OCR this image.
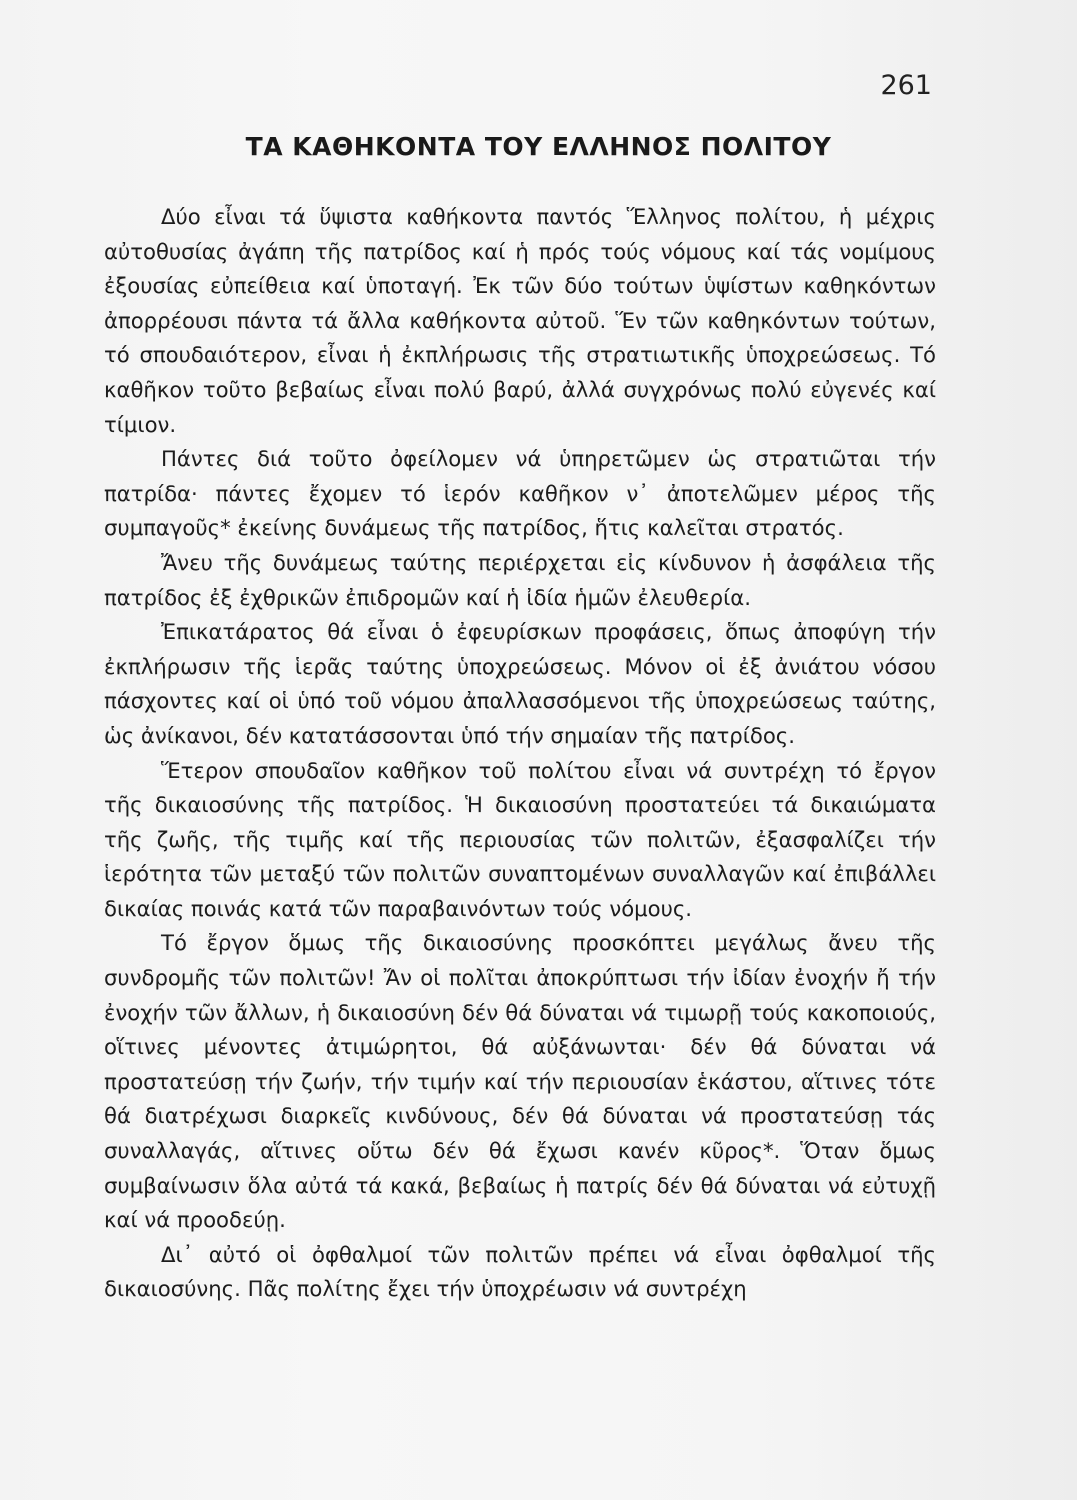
261
ΤΑ ΚΑΘΗΚΟΝΤΑ ΤΟΥ ΕΛΛΗΝΟΣ ΠΟΛΙΤΟΥ

Δύο εἶναι τά ὕψιστα καθήκοντα παντός Ἕλληνος πολίτου, ἡ μέχρις αὐτοθυσίας ἀγάπη τῆς πατρίδος καί ἡ πρός τούς νόμους καί τάς νομίμους ἐξουσίας εὐπείθεια καί ὑποταγή. Ἐκ τῶν δύο τούτων ὑψίστων καθηκόντων ἀπορρέουσι πάντα τά ἄλλα καθήκοντα αὐτοῦ. Ἕν τῶν καθηκόντων τούτων, τό σπουδαιότερον, εἶναι ἡ ἐκπλήρωσις τῆς στρατιωτικῆς ὑποχρεώσεως. Τό καθῆκον τοῦτο βεβαίως εἶναι πολύ βαρύ, ἀλλά συγχρόνως πολύ εὐγενές καί τίμιον.

Πάντες διά τοῦτο ὀφείλομεν νά ὑπηρετῶμεν ὡς στρατιῶται τήν πατρίδα· πάντες ἔχομεν τό ἱερόν καθῆκον ν᾿ ἀποτελῶμεν μέρος τῆς συμπαγοῦς* ἐκείνης δυνάμεως τῆς πατρίδος, ἥτις καλεῖται στρατός.

Ἄνευ τῆς δυνάμεως ταύτης περιέρχεται εἰς κίνδυνον ἡ ἀσφάλεια τῆς πατρίδος ἐξ ἐχθρικῶν ἐπιδρομῶν καί ἡ ἰδία ἡμῶν ἐλευθερία.

Ἐπικατάρατος θά εἶναι ὁ ἐφευρίσκων προφάσεις, ὅπως ἀποφύγη τήν ἐκπλήρωσιν τῆς ἱερᾶς ταύτης ὑποχρεώσεως. Μόνον οἱ ἐξ ἀνιάτου νόσου πάσχοντες καί οἱ ὑπό τοῦ νόμου ἀπαλλασσόμενοι τῆς ὑποχρεώσεως ταύτης, ὡς ἀνίκανοι, δέν κατατάσσονται ὑπό τήν σημαίαν τῆς πατρίδος.

Ἕτερον σπουδαῖον καθῆκον τοῦ πολίτου εἶναι νά συντρέχη τό ἔργον τῆς δικαιοσύνης τῆς πατρίδος. Ἡ δικαιοσύνη προστατεύει τά δικαιώματα τῆς ζωῆς, τῆς τιμῆς καί τῆς περιουσίας τῶν πολιτῶν, ἐξασφαλίζει τήν ἱερότητα τῶν μεταξύ τῶν πολιτῶν συναπτομένων συναλλαγῶν καί ἐπιβάλλει δικαίας ποινάς κατά τῶν παραβαινόντων τούς νόμους.

Τό ἔργον ὅμως τῆς δικαιοσύνης προσκόπτει μεγάλως ἄνευ τῆς συνδρομῆς τῶν πολιτῶν! Ἄν οἱ πολῖται ἀποκρύπτωσι τήν ἰδίαν ἐνοχήν ἤ τήν ἐνοχήν τῶν ἄλλων, ἡ δικαιοσύνη δέν θά δύναται νά τιμωρῇ τούς κακοποιούς, οἵτινες μένοντες ἀτιμώρητοι, θά αὐξάνωνται· δέν θά δύναται νά προστατεύσῃ τήν ζωήν, τήν τιμήν καί τήν περιουσίαν ἑκάστου, αἵτινες τότε θά διατρέχωσι διαρκεῖς κινδύνους, δέν θά δύναται νά προστατεύσῃ τάς συναλλαγάς, αἵτινες οὕτω δέν θά ἔχωσι κανέν κῦρος*. Ὅταν ὅμως συμβαίνωσιν ὅλα αὐτά τά κακά, βεβαίως ἡ πατρίς δέν θά δύναται νά εὐτυχῇ καί νά προοδεύῃ.

Δι᾿ αὐτό οἱ ὀφθαλμοί τῶν πολιτῶν πρέπει νά εἶναι ὀφθαλμοί τῆς δικαιοσύνης. Πᾶς πολίτης ἔχει τήν ὑποχρέωσιν νά συντρέχη
